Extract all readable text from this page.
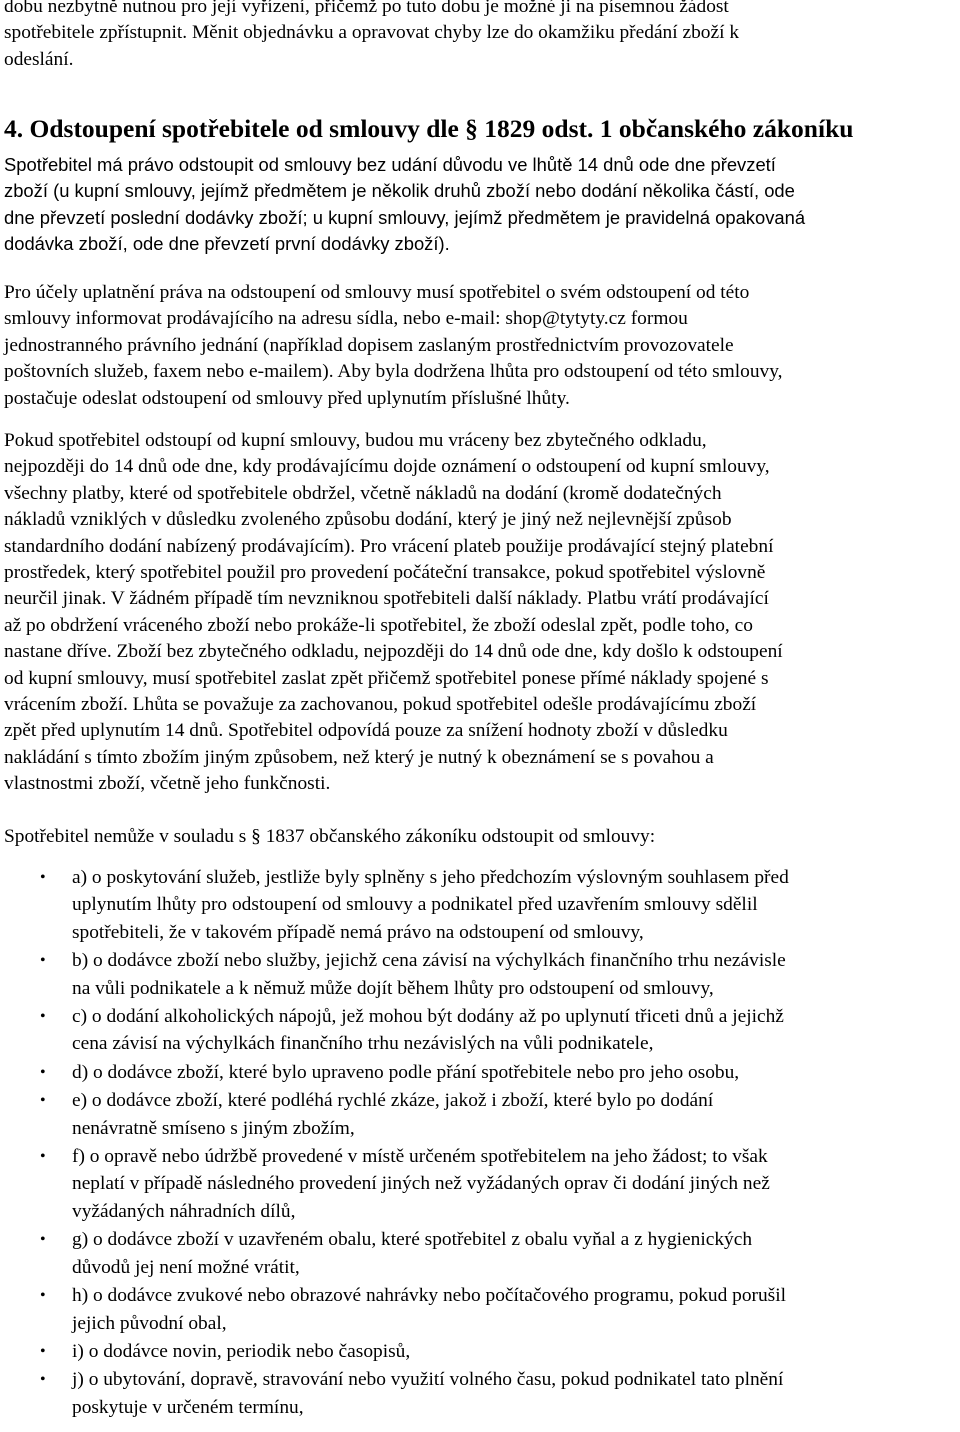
dobu nezbytně nutnou pro její vyřízení, přičemž po tuto dobu je možné ji na písemnou žádost
spotřebitele zpřístupnit. Měnit objednávku a opravovat chyby lze do okamžiku předání zboží k
odeslání.
4. Odstoupení spotřebitele od smlouvy dle § 1829 odst. 1 občanského zákoníku
Spotřebitel má právo odstoupit od smlouvy bez udání důvodu ve lhůtě 14 dnů ode dne převzetí
zboží (u kupní smlouvy, jejímž předmětem je několik druhů zboží nebo dodání několika částí, ode
dne převzetí poslední dodávky zboží; u kupní smlouvy, jejímž předmětem je pravidelná opakovaná
dodávka zboží, ode dne převzetí první dodávky zboží).
Pro účely uplatnění práva na odstoupení od smlouvy musí spotřebitel o svém odstoupení od této
smlouvy informovat prodávajícího na adresu sídla, nebo e-mail: shop@tytyty.cz formou
jednostranného právního jednání (například dopisem zaslaným prostřednictvím provozovatele
poštovních služeb, faxem nebo e-mailem). Aby byla dodržena lhůta pro odstoupení od této smlouvy,
postačuje odeslat odstoupení od smlouvy před uplynutím příslušné lhůty.
Pokud spotřebitel odstoupí od kupní smlouvy, budou mu vráceny bez zbytečného odkladu,
nejpozději do 14 dnů ode dne, kdy prodávajícímu dojde oznámení o odstoupení od kupní smlouvy,
všechny platby, které od spotřebitele obdržel, včetně nákladů na dodání (kromě dodatečných
nákladů vzniklých v důsledku zvoleného způsobu dodání, který je jiný než nejlevnější způsob
standardního dodání nabízený prodávajícím). Pro vrácení plateb použije prodávající stejný platební
prostředek, který spotřebitel použil pro provedení počáteční transakce, pokud spotřebitel výslovně
neurčil jinak. V žádném případě tím nevzniknou spotřebiteli další náklady. Platbu vrátí prodávající
až po obdržení vráceného zboží nebo prokáže-li spotřebitel, že zboží odeslal zpět, podle toho, co
nastane dříve. Zboží bez zbytečného odkladu, nejpozději do 14 dnů ode dne, kdy došlo k odstoupení
od kupní smlouvy, musí spotřebitel zaslat zpět přičemž spotřebitel ponese přímé náklady spojené s
vrácením zboží. Lhůta se považuje za zachovanou, pokud spotřebitel odešle prodávajícímu zboží
zpět před uplynutím 14 dnů. Spotřebitel odpovídá pouze za snížení hodnoty zboží v důsledku
nakládání s tímto zbožím jiným způsobem, než který je nutný k obeznámení se s povahou a
vlastnostmi zboží, včetně jeho funkčnosti.
Spotřebitel nemůže v souladu s § 1837 občanského zákoníku odstoupit od smlouvy:
• a) o poskytování služeb, jestliže byly splněny s jeho předchozím výslovným souhlasem před
uplynutím lhůty pro odstoupení od smlouvy a podnikatel před uzavřením smlouvy sdělil
spotřebiteli, že v takovém případě nemá právo na odstoupení od smlouvy,
• b) o dodávce zboží nebo služby, jejichž cena závisí na výchylkách finančního trhu nezávisle
na vůli podnikatele a k němuž může dojít během lhůty pro odstoupení od smlouvy,
• c) o dodání alkoholických nápojů, jež mohou být dodány až po uplynutí třiceti dnů a jejichž
cena závisí na výchylkách finančního trhu nezávislých na vůli podnikatele,
• d) o dodávce zboží, které bylo upraveno podle přání spotřebitele nebo pro jeho osobu,
• e) o dodávce zboží, které podléhá rychlé zkáze, jakož i zboží, které bylo po dodání
nenávratně smíseno s jiným zbožím,
• f) o opravě nebo údržbě provedené v místě určeném spotřebitelem na jeho žádost; to však
neplatí v případě následného provedení jiných než vyžádaných oprav či dodání jiných než
vyžádaných náhradních dílů,
• g) o dodávce zboží v uzavřeném obalu, které spotřebitel z obalu vyňal a z hygienických
důvodů jej není možné vrátit,
• h) o dodávce zvukové nebo obrazové nahrávky nebo počítačového programu, pokud porušil
jejich původní obal,
• i) o dodávce novin, periodik nebo časopisů,
• j) o ubytování, dopravě, stravování nebo využití volného času, pokud podnikatel tato plnění
poskytuje v určeném termínu,
